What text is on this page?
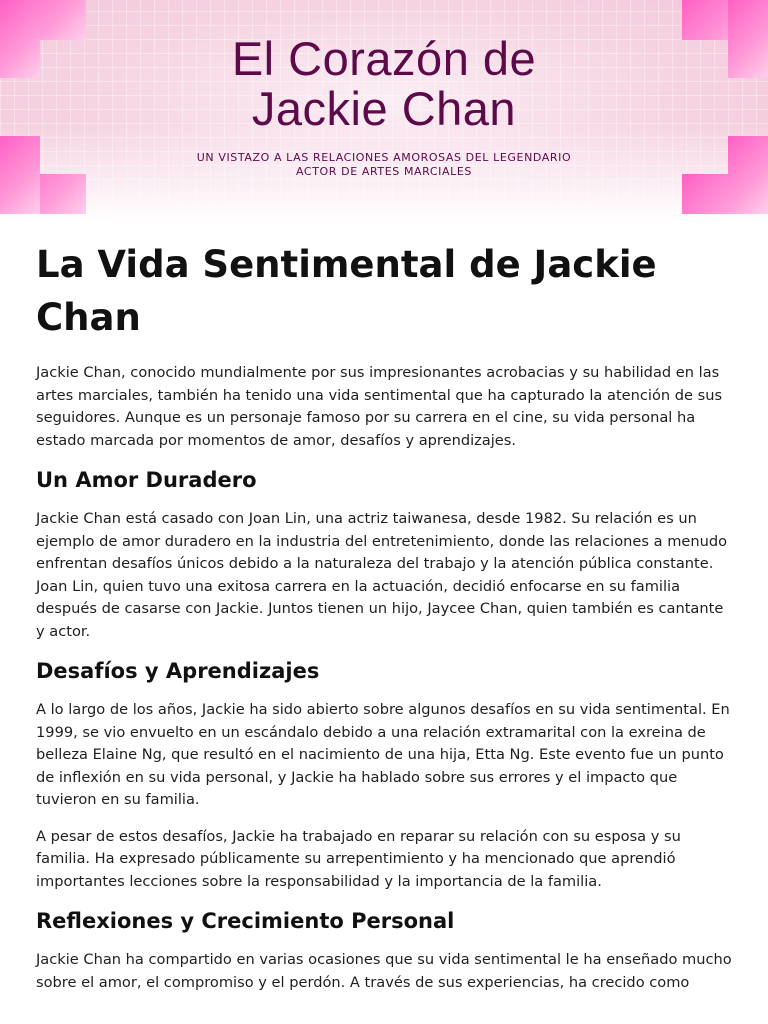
El Corazón de
Jackie Chan
UN VISTAZO A LAS RELACIONES AMOROSAS DEL LEGENDARIO
ACTOR DE ARTES MARCIALES
La Vida Sentimental de Jackie Chan

Jackie Chan, conocido mundialmente por sus impresionantes acrobacias y su habilidad en las artes marciales, también ha tenido una vida sentimental que ha capturado la atención de sus seguidores. Aunque es un personaje famoso por su carrera en el cine, su vida personal ha estado marcada por momentos de amor, desafíos y aprendizajes.

Un Amor Duradero

Jackie Chan está casado con Joan Lin, una actriz taiwanesa, desde 1982. Su relación es un ejemplo de amor duradero en la industria del entretenimiento, donde las relaciones a menudo enfrentan desafíos únicos debido a la naturaleza del trabajo y la atención pública constante. Joan Lin, quien tuvo una exitosa carrera en la actuación, decidió enfocarse en su familia después de casarse con Jackie. Juntos tienen un hijo, Jaycee Chan, quien también es cantante y actor.

Desafíos y Aprendizajes

A lo largo de los años, Jackie ha sido abierto sobre algunos desafíos en su vida sentimental. En 1999, se vio envuelto en un escándalo debido a una relación extramarital con la exreina de belleza Elaine Ng, que resultó en el nacimiento de una hija, Etta Ng. Este evento fue un punto de inflexión en su vida personal, y Jackie ha hablado sobre sus errores y el impacto que tuvieron en su familia.

A pesar de estos desafíos, Jackie ha trabajado en reparar su relación con su esposa y su familia. Ha expresado públicamente su arrepentimiento y ha mencionado que aprendió importantes lecciones sobre la responsabilidad y la importancia de la familia.

Reflexiones y Crecimiento Personal

Jackie Chan ha compartido en varias ocasiones que su vida sentimental le ha enseñado mucho sobre el amor, el compromiso y el perdón. A través de sus experiencias, ha crecido como
